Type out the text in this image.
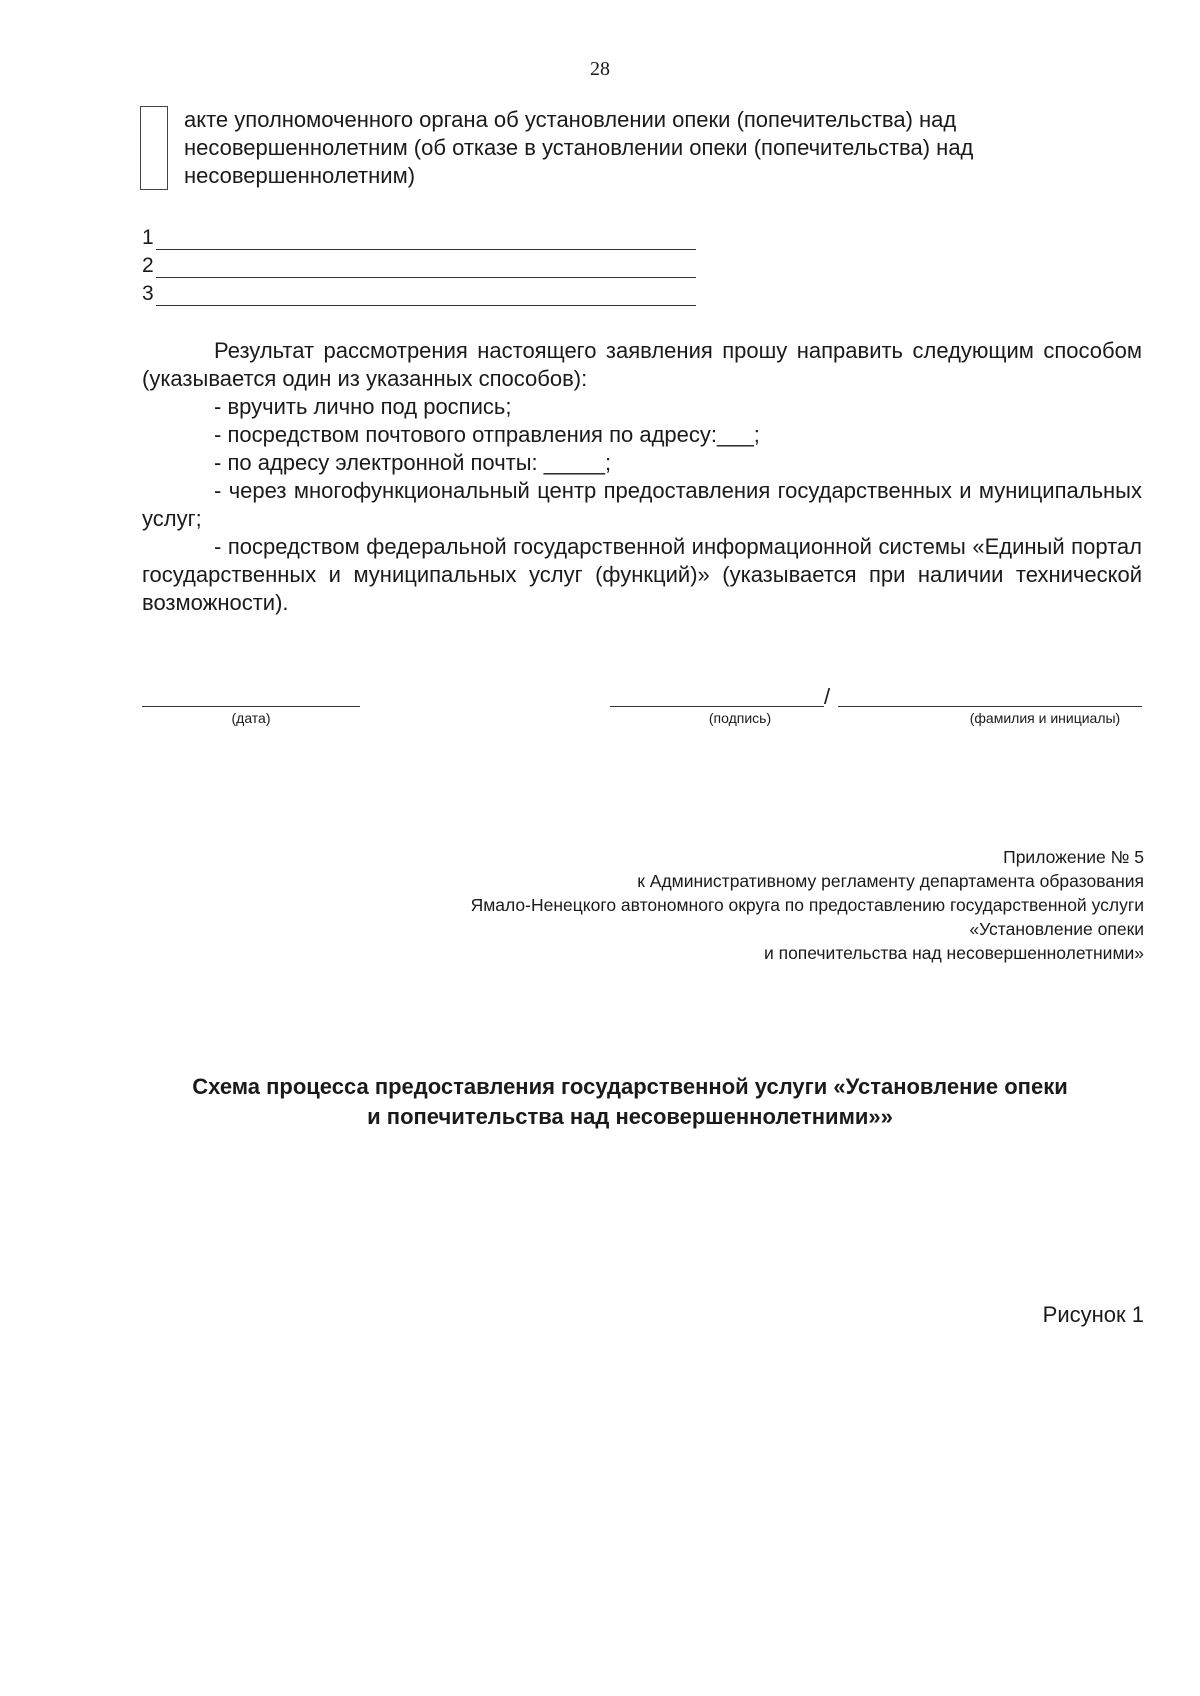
28
акте уполномоченного органа об установлении опеки (попечительства) над несовершеннолетним (об отказе в установлении опеки (попечительства) над несовершеннолетним)
1
2
3

Результат рассмотрения настоящего заявления прошу направить следующим способом (указывается один из указанных способов):

- вручить лично под роспись;

- посредством почтового отправления по адресу:___;

- по адресу электронной почты: _____;

- через многофункциональный центр предоставления государственных и муниципальных услуг;

- посредством федеральной государственной информационной системы «Единый портал государственных и муниципальных услуг (функций)» (указывается при наличии технической возможности).

(дата)
/
(подпись)	(фамилия и инициалы)
Приложение № 5
к Административному регламенту департамента образования
Ямало-Ненецкого автономного округа по предоставлению государственной услуги
«Установление опеки
и попечительства над несовершеннолетними»
Схема процесса предоставления государственной услуги «Установление опеки
и попечительства над несовершеннолетними»»
Рисунок 1
